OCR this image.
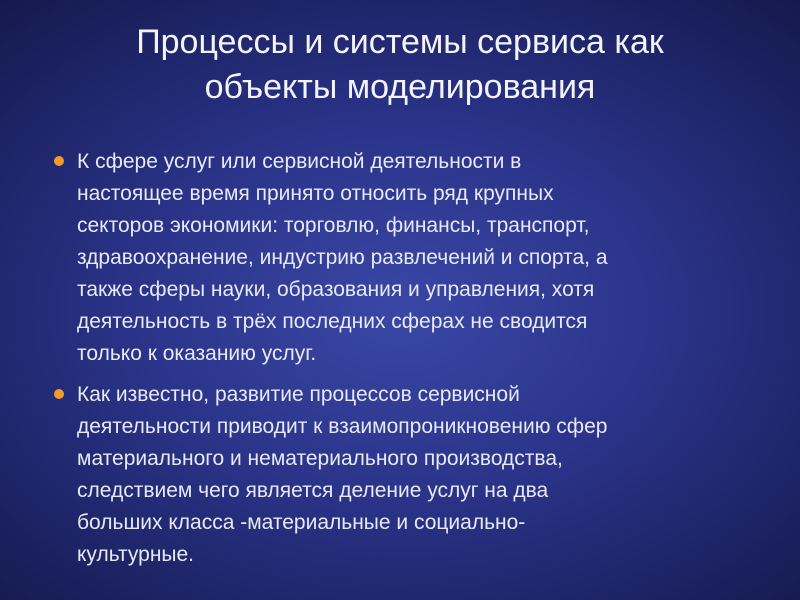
Процессы и системы сервиса как
объекты моделирования
К сфере услуг или сервисной деятельности в
настоящее время принято относить ряд крупных
секторов экономики: торговлю, финансы, транспорт,
здравоохранение, индустрию развлечений и спорта, а
также сферы науки, образования и управления, хотя
деятельность в трёх последних сферах не сводится
только к оказанию услуг.
Как известно, развитие процессов сервисной
деятельности приводит к взаимопроникновению сфер
материального и нематериального производства,
следствием чего является деление услуг на два
больших класса -материальные и социально-
культурные.
